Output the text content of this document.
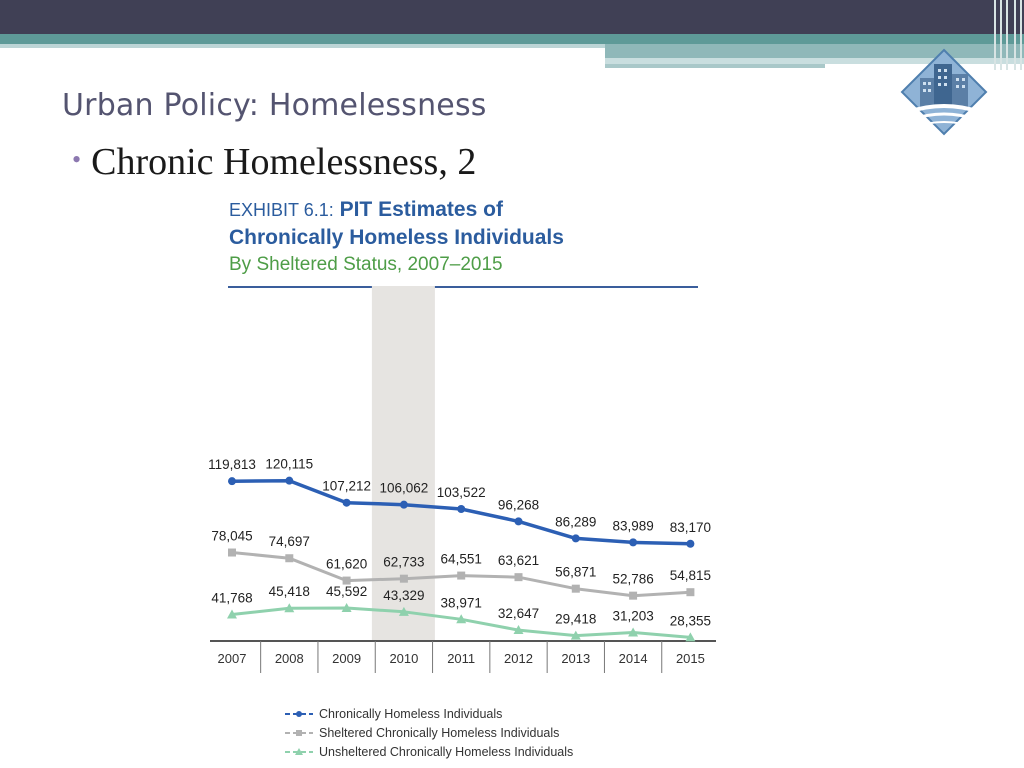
Urban Policy: Homelessness
• Chronic Homelessness, 2
EXHIBIT 6.1: PIT Estimates of
Chronically Homeless Individuals
By Sheltered Status, 2007–2015
2007 2008 2009 2010 2011 2012 2013 2014 2015
119,813 120,115
107,212 106,062 103,522
96,268
86,289 83,989 83,170
78,045 74,697
61,620 62,733 64,551 63,621
56,871 52,786 54,815
41,768 45,418 45,592 43,329 38,971
32,647 29,418 31,203 28,355
Chronically Homeless Individuals
Sheltered Chronically Homeless Individuals
Unsheltered Chronically Homeless Individuals
